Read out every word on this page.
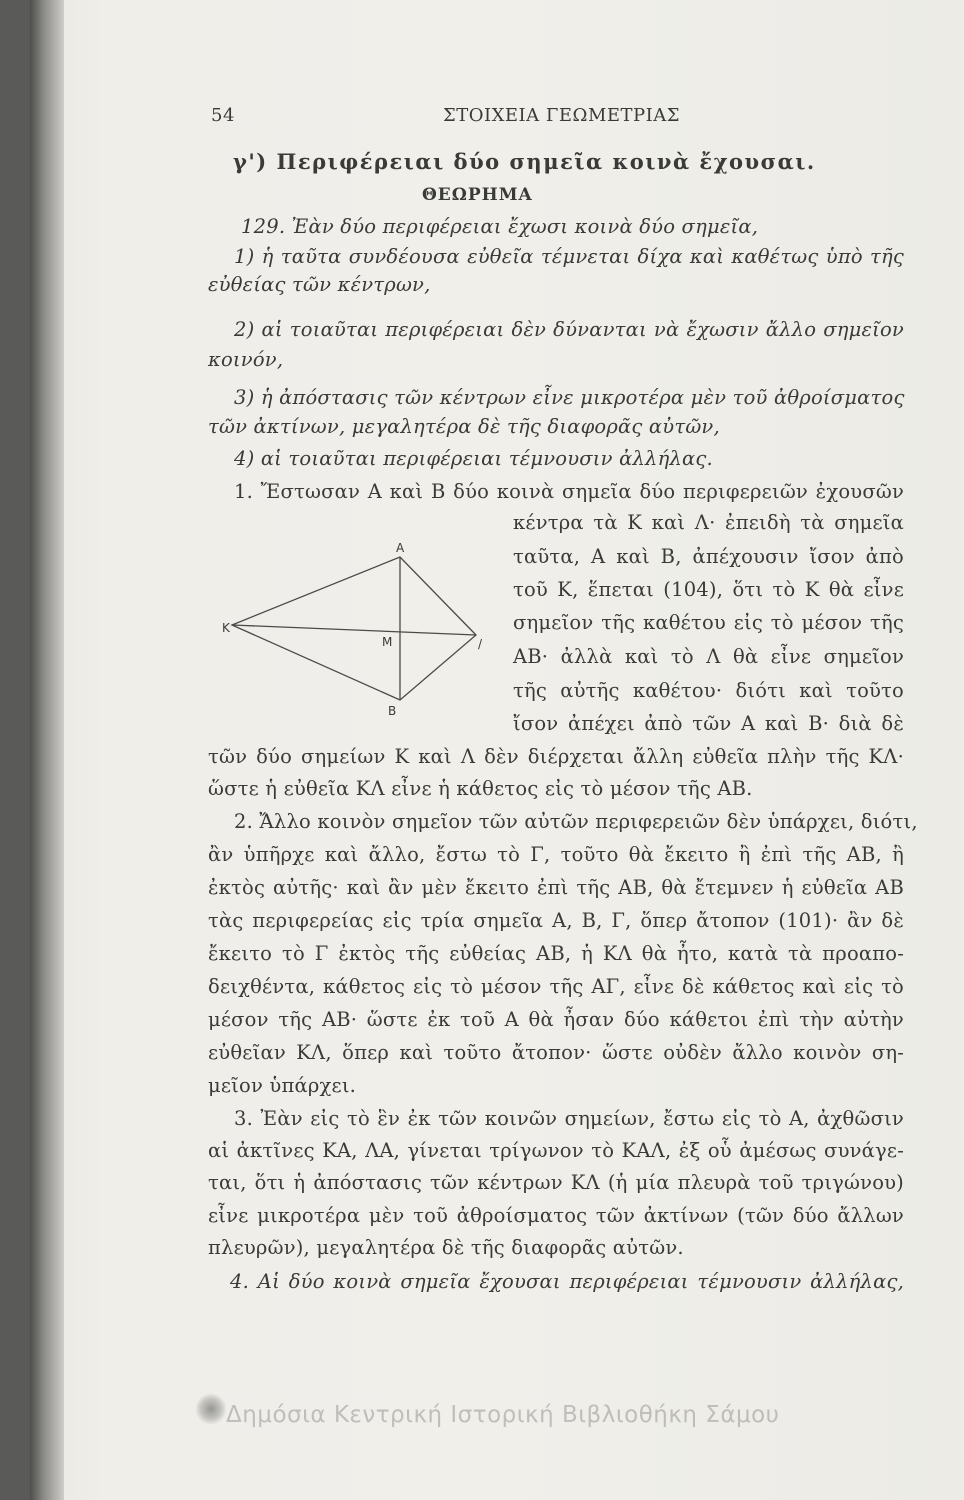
54	ΣΤΟΙΧΕΙΑ ΓΕΩΜΕΤΡΙΑΣ

γ') Περιφέρειαι δύο σημεῖα κοινὰ ἔχουσαι.

ΘΕΩΡΗΜΑ

129. Ἐὰν δύο περιφέρειαι ἔχωσι κοινὰ δύο σημεῖα,

1) ἡ ταῦτα συνδέουσα εὐθεῖα τέμνεται δίχα καὶ καθέτως ὑπὸ τῆς

εὐθείας τῶν κέντρων,

2) αἱ τοιαῦται περιφέρειαι δὲν δύνανται νὰ ἔχωσιν ἄλλο σημεῖον

κοινόν,

3) ἡ ἀπόστασις τῶν κέντρων εἶνε μικροτέρα μὲν τοῦ ἀθροίσματος

τῶν ἀκτίνων, μεγαλητέρα δὲ τῆς διαφορᾶς αὐτῶν,

4) αἱ τοιαῦται περιφέρειαι τέμνουσιν ἀλλήλας.

1. Ἔστωσαν Α καὶ Β δύο κοινὰ σημεῖα δύο περιφερειῶν ἐχουσῶν

κέντρα τὰ Κ καὶ Λ· ἐπειδὴ τὰ σημεῖα

ταῦτα, Α καὶ Β, ἀπέχουσιν ἴσον ἀπὸ

τοῦ Κ, ἕπεται (104), ὅτι τὸ Κ θὰ εἶνε

σημεῖον τῆς καθέτου εἰς τὸ μέσον τῆς

ΑΒ· ἀλλὰ καὶ τὸ Λ θὰ εἶνε σημεῖον

τῆς αὐτῆς καθέτου· διότι καὶ τοῦτο

ἴσον ἀπέχει ἀπὸ τῶν Α καὶ Β· διὰ δὲ

A
K
M	/
B

τῶν δύο σημείων Κ καὶ Λ δὲν διέρχεται ἄλλη εὐθεῖα πλὴν τῆς ΚΛ·

ὥστε ἡ εὐθεῖα ΚΛ εἶνε ἡ κάθετος εἰς τὸ μέσον τῆς ΑΒ.

2. Ἄλλο κοινὸν σημεῖον τῶν αὐτῶν περιφερειῶν δὲν ὑπάρχει, διότι,

ἂν ὑπῆρχε καὶ ἄλλο, ἔστω τὸ Γ, τοῦτο θὰ ἔκειτο ἢ ἐπὶ τῆς ΑΒ, ἢ

ἐκτὸς αὐτῆς· καὶ ἂν μὲν ἔκειτο ἐπὶ τῆς ΑΒ, θὰ ἔτεμνεν ἡ εὐθεῖα ΑΒ

τὰς περιφερείας εἰς τρία σημεῖα Α, Β, Γ, ὅπερ ἄτοπον (101)· ἂν δὲ

ἔκειτο τὸ Γ ἐκτὸς τῆς εὐθείας ΑΒ, ἡ ΚΛ θὰ ἦτο, κατὰ τὰ προαπο-

δειχθέντα, κάθετος εἰς τὸ μέσον τῆς ΑΓ, εἶνε δὲ κάθετος καὶ εἰς τὸ

μέσον τῆς ΑΒ· ὥστε ἐκ τοῦ Α θὰ ἦσαν δύο κάθετοι ἐπὶ τὴν αὐτὴν

εὐθεῖαν ΚΛ, ὅπερ καὶ τοῦτο ἄτοπον· ὥστε οὐδὲν ἄλλο κοινὸν ση-

μεῖον ὑπάρχει.

3. Ἐὰν εἰς τὸ ἓν ἐκ τῶν κοινῶν σημείων, ἔστω εἰς τὸ Α, ἀχθῶσιν

αἱ ἀκτῖνες ΚΑ, ΛΑ, γίνεται τρίγωνον τὸ ΚΑΛ, ἐξ οὗ ἀμέσως συνάγε-

ται, ὅτι ἡ ἀπόστασις τῶν κέντρων ΚΛ (ἡ μία πλευρὰ τοῦ τριγώνου)

εἶνε μικροτέρα μὲν τοῦ ἀθροίσματος τῶν ἀκτίνων (τῶν δύο ἄλλων

πλευρῶν), μεγαλητέρα δὲ τῆς διαφορᾶς αὐτῶν.

4. Αἱ δύο κοινὰ σημεῖα ἔχουσαι περιφέρειαι τέμνουσιν ἀλλήλας,

Δημόσια Κεντρική Ιστορική Βιβλιοθήκη Σάμου
